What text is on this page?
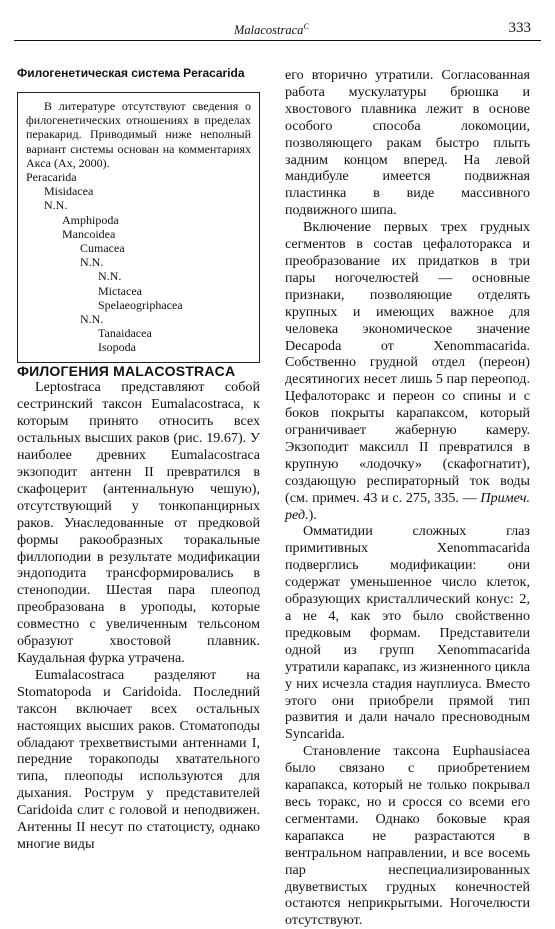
Malacostraca$^C$	333
Филогенетическая система Peracarida

В литературе отсутствуют сведения о филогенетических отношениях в пределах перакарид. Приводимый ниже неполный вариант системы основан на комментариях Акса (Ах, 2000).

Peracarida
Misidacea
N.N.
Amphipoda
Mancoidea
Cumacea
N.N.
N.N.
Mictacea
Spelaeogriphacea
N.N.
Tanaidacea
Isopoda

ФИЛОГЕНИЯ MALACOSTRACA

Leptostraca представляют собой сестринский таксон Eumalacostraca, к которым принято относить всех остальных высших раков (рис. 19.67). У наиболее древних Eumalacostraca экзоподит антенн II превратился в скафоцерит (антеннальную чешую), отсутствующий у тонкопанцирных раков. Унаследованные от предковой формы ракообразных торакальные филлоподии в результате модификации эндоподита трансформировались в стеноподии. Шестая пара плеопод преобразована в уроподы, которые совместно с увеличенным тельсоном образуют хвостовой плавник. Каудальная фурка утрачена.

Eumalacostraca разделяют на Stomatopoda и Caridoida. Последний таксон включает всех остальных настоящих высших раков. Стоматоподы обладают трехветвистыми антеннами I, передние торакоподы хватательного типа, плеоподы используются для дыхания. Рострум у представителей Caridoida слит с головой и неподвижен. Антенны II несут по статоцисту, однако многие виды

его вторично утратили. Согласованная работа мускулатуры брюшка и хвостового плавника лежит в основе особого способа локомоции, позволяющего ракам быстро плыть задним концом вперед. На левой мандибуле имеется подвижная пластинка в виде массивного подвижного шипа.

Включение первых трех грудных сегментов в состав цефалоторакса и преобразование их придатков в три пары ногочелюстей — основные признаки, позволяющие отделять крупных и имеющих важное для человека экономическое значение Decapoda от Xenommacarida. Собственно грудной отдел (переон) десятиногих несет лишь 5 пар переопод. Цефалоторакс и переон со спины и с боков покрыты карапаксом, который ограничивает жаберную камеру. Экзоподит максилл II превратился в крупную «лодочку» (скафогнатит), создающую респираторный ток воды (см. примеч. 43 и с. 275, 335. — Примеч. ред.).

Омматидии сложных глаз примитивных Xenommacarida подверглись модификации: они содержат уменьшенное число клеток, образующих кристаллический конус: 2, а не 4, как это было свойственно предковым формам. Представители одной из групп Xenommacarida утратили карапакс, из жизненного цикла у них исчезла стадия науплиуса. Вместо этого они приобрели прямой тип развития и дали начало пресноводным Syncarida.

Становление таксона Euphausiacea было связано с приобретением карапакса, который не только покрывал весь торакс, но и сросся со всеми его сегментами. Однако боковые края карапакса не разрастаются в вентральном направлении, и все восемь пар неспециализированных двуветвистых грудных конечностей остаются неприкрытыми. Ногочелюсти отсутствуют.
